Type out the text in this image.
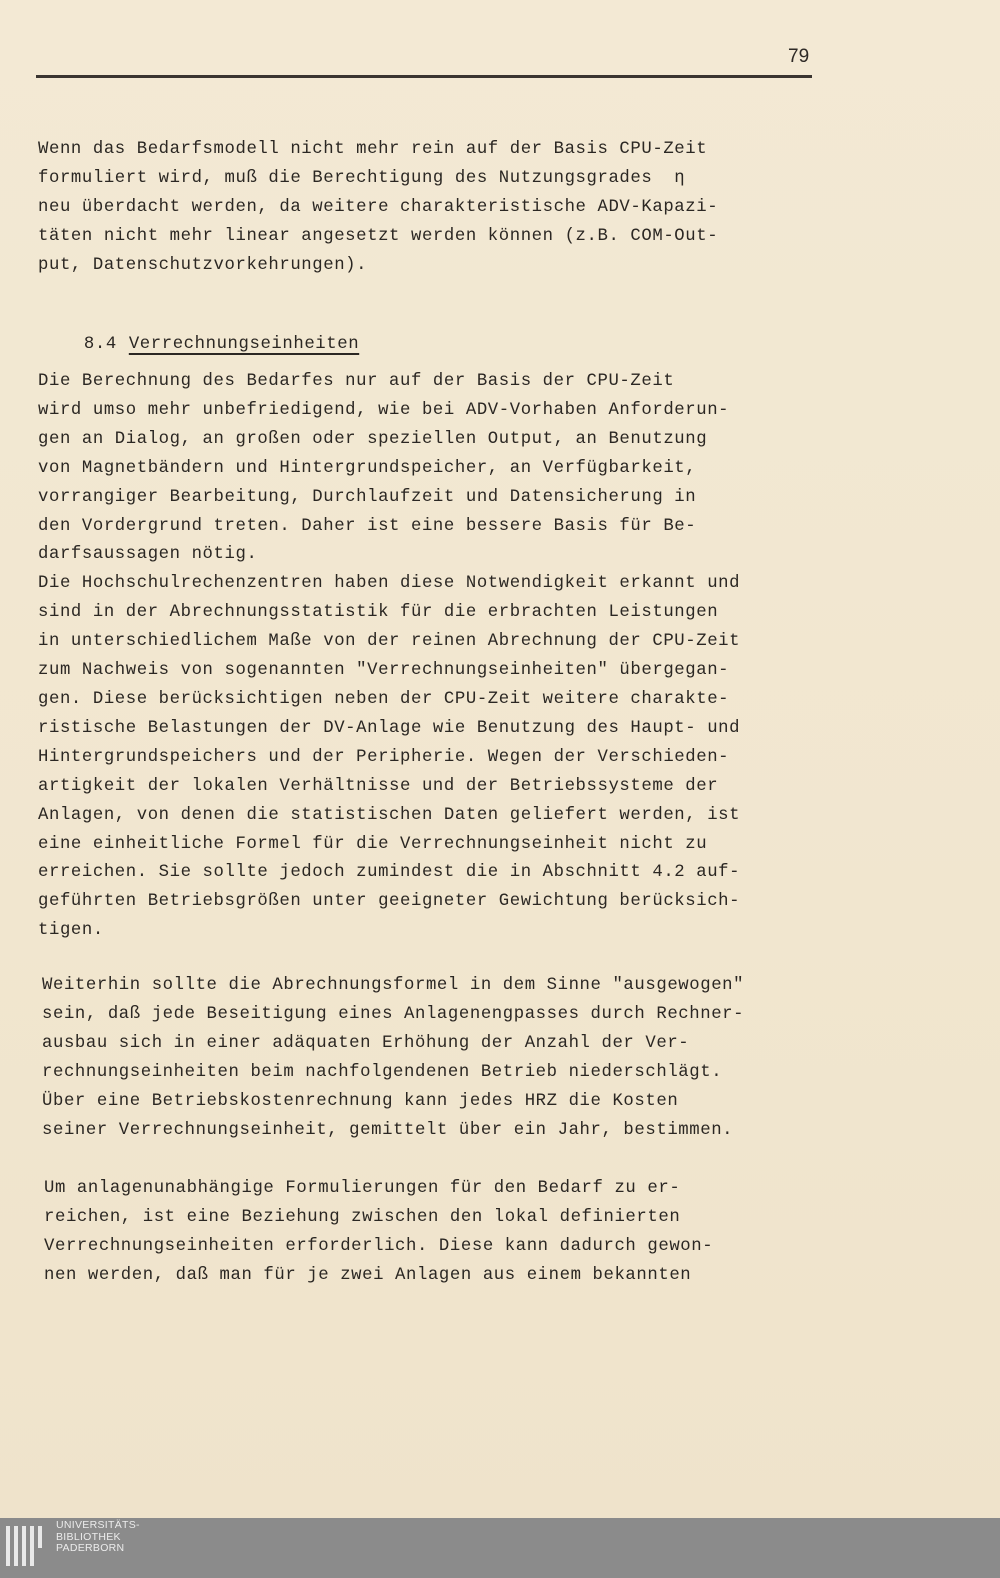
79

Wenn das Bedarfsmodell nicht mehr rein auf der Basis CPU-Zeit
formuliert wird, muß die Berechtigung des Nutzungsgrades  η
neu überdacht werden, da weitere charakteristische ADV-Kapazi-
täten nicht mehr linear angesetzt werden können (z.B. COM-Out-
put, Datenschutzvorkehrungen).

8.4 Verrechnungseinheiten

Die Berechnung des Bedarfes nur auf der Basis der CPU-Zeit
wird umso mehr unbefriedigend, wie bei ADV-Vorhaben Anforderun-
gen an Dialog, an großen oder speziellen Output, an Benutzung
von Magnetbändern und Hintergrundspeicher, an Verfügbarkeit,
vorrangiger Bearbeitung, Durchlaufzeit und Datensicherung in
den Vordergrund treten. Daher ist eine bessere Basis für Be-
darfsaussagen nötig.
Die Hochschulrechenzentren haben diese Notwendigkeit erkannt und
sind in der Abrechnungsstatistik für die erbrachten Leistungen
in unterschiedlichem Maße von der reinen Abrechnung der CPU-Zeit
zum Nachweis von sogenannten "Verrechnungseinheiten" übergegan-
gen. Diese berücksichtigen neben der CPU-Zeit weitere charakte-
ristische Belastungen der DV-Anlage wie Benutzung des Haupt- und
Hintergrundspeichers und der Peripherie. Wegen der Verschieden-
artigkeit der lokalen Verhältnisse und der Betriebssysteme der
Anlagen, von denen die statistischen Daten geliefert werden, ist
eine einheitliche Formel für die Verrechnungseinheit nicht zu
erreichen. Sie sollte jedoch zumindest die in Abschnitt 4.2 auf-
geführten Betriebsgrößen unter geeigneter Gewichtung berücksich-
tigen.

Weiterhin sollte die Abrechnungsformel in dem Sinne "ausgewogen"
sein, daß jede Beseitigung eines Anlagenengpasses durch Rechner-
ausbau sich in einer adäquaten Erhöhung der Anzahl der Ver-
rechnungseinheiten beim nachfolgendenen Betrieb niederschlägt.
Über eine Betriebskostenrechnung kann jedes HRZ die Kosten
seiner Verrechnungseinheit, gemittelt über ein Jahr, bestimmen.

Um anlagenunabhängige Formulierungen für den Bedarf zu er-
reichen, ist eine Beziehung zwischen den lokal definierten
Verrechnungseinheiten erforderlich. Diese kann dadurch gewon-
nen werden, daß man für je zwei Anlagen aus einem bekannten

UNIVERSITÄTS-
BIBLIOTHEK
PADERBORN
